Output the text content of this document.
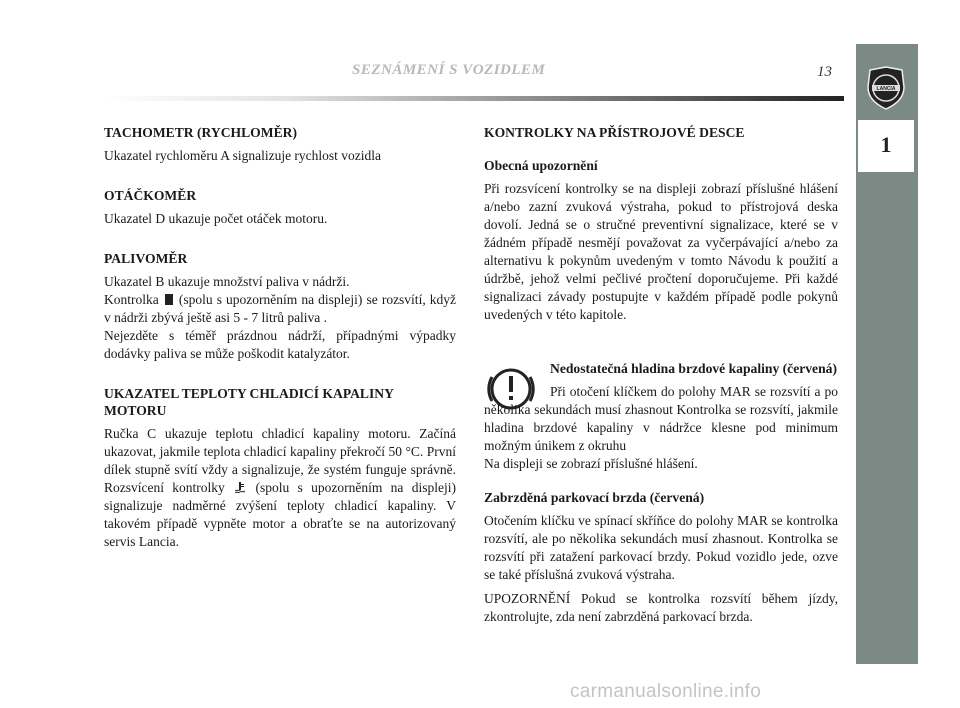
SEZNÁMENÍ S VOZIDLEM	13
LANCIA
1
TACHOMETR (RYCHLOMĚR)

Ukazatel rychloměru A signalizuje rychlost vozidla

OTÁČKOMĚR

Ukazatel D ukazuje počet otáček motoru.

PALIVOMĚR

Ukazatel B ukazuje množství paliva v nádrži.

Kontrolka (spolu s upozorněním na displeji) se rozsvítí, když v nádrži zbývá ještě asi 5 - 7 litrů paliva .

Nejezděte s téměř prázdnou nádrží, případnými výpadky dodávky paliva se může poškodit katalyzátor.

UKAZATEL TEPLOTY CHLADICÍ KAPALINY MOTORU

Ručka C ukazuje teplotu chladicí kapaliny motoru. Začíná ukazovat, jakmile teplota chladicí kapaliny překročí 50 °C. První dílek stupně svítí vždy a signalizuje, že systém funguje správně. Rozsvícení kontrolky (spolu s upozorněním na displeji) signalizuje nadměrné zvýšení teploty chladicí kapaliny. V takovém případě vypněte motor a obraťte se na autorizovaný servis Lancia.

KONTROLKY NA PŘÍSTROJOVÉ DESCE
Obecná upozornění

Při rozsvícení kontrolky se na displeji zobrazí příslušné hlášení a/nebo zazní zvuková výstraha, pokud to přístrojová deska dovolí. Jedná se o stručné preventivní signalizace, které se v žádném případě nesmějí považovat za vyčerpávající a/nebo za alternativu k pokynům uvedeným v tomto Návodu k použití a údržbě, jehož velmi pečlivé pročtení doporučujeme. Při každé signalizaci závady postupujte v každém případě podle pokynů uvedených v této kapitole.

Nedostatečná hladina brzdové kapaliny (červená)

Při otočení klíčkem do polohy MAR se rozsvítí a po několika sekundách musí zhasnout Kontrolka se rozsvítí, jakmile hladina brzdové kapaliny v nádržce klesne pod minimum možným únikem z okruhu

Na displeji se zobrazí příslušné hlášení.

Zabrzděná parkovací brzda (červená)

Otočením klíčku ve spínací skříňce do polohy MAR se kontrolka rozsvítí, ale po několika sekundách musí zhasnout. Kontrolka se rozsvítí při zatažení parkovací brzdy. Pokud vozidlo jede, ozve se také příslušná zvuková výstraha.

UPOZORNĚNÍ Pokud se kontrolka rozsvítí během jízdy, zkontrolujte, zda není zabrzděná parkovací brzda.

carmanualsonline.info
